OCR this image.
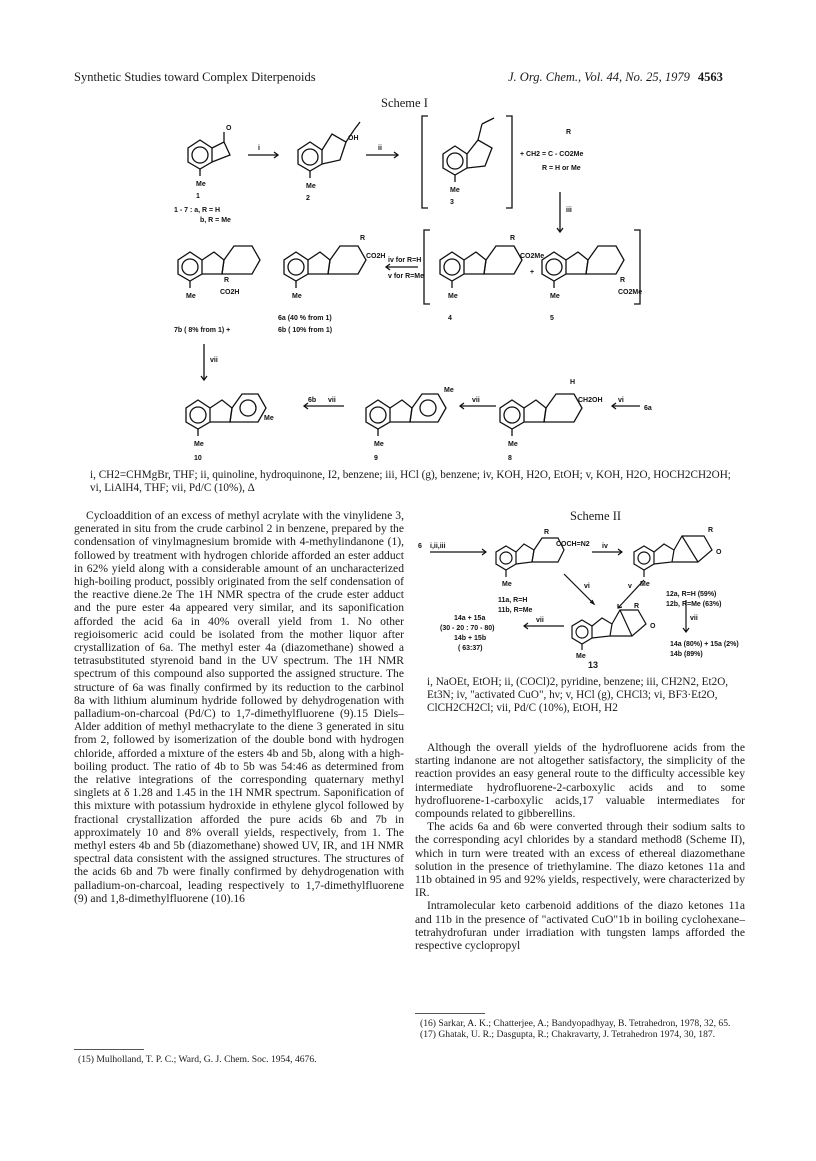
Synthetic Studies toward Complex Diterpenoids	J. Org. Chem., Vol. 44, No. 25, 1979 4563
Scheme I
Me
O
1
1 - 7 : a, R = H
b, R = Me
i
Me
OH
2
ii
Me
3
R
+ CH2 = C - CO2Me
R = H or Me
iii
R
CO2H
Me
R
CO2H
Me
iv for R=H
v for R=Me
R
CO2Me
Me
+
R
CO2Me
Me
6a (40 % from 1)
6b ( 10% from 1)
7b ( 8% from 1) +
4	5
vii
Me
Me
10
6b vii
Me
Me
9
vii
H
CH2OH
Me
8
vi
6a
i, CH2=CHMgBr, THF; ii, quinoline, hydroquinone, I2, benzene; iii, HCl (g), benzene; iv, KOH, H2O, EtOH; v, KOH, H2O, HOCH2CH2OH; vi, LiAlH4, THF; vii, Pd/C (10%), Δ

Cycloaddition of an excess of methyl acrylate with the vinylidene 3, generated in situ from the crude carbinol 2 in benzene, prepared by the condensation of vinylmagnesium bromide with 4-methylindanone (1), followed by treatment with hydrogen chloride afforded an ester adduct in 62% yield along with a considerable amount of an uncharacterized high-boiling product, possibly originated from the self condensation of the reactive diene.2e The 1H NMR spectra of the crude ester adduct and the pure ester 4a appeared very similar, and its saponification afforded the acid 6a in 40% overall yield from 1. No other regioisomeric acid could be isolated from the mother liquor after crystallization of 6a. The methyl ester 4a (diazomethane) showed a tetrasubstituted styrenoid band in the UV spectrum. The 1H NMR spectrum of this compound also supported the assigned structure. The structure of 6a was finally confirmed by its reduction to the carbinol 8a with lithium aluminum hydride followed by dehydrogenation with palladium-on-charcoal (Pd/C) to 1,7-dimethylfluorene (9).15 Diels–Alder addition of methyl methacrylate to the diene 3 generated in situ from 2, followed by isomerization of the double bond with hydrogen chloride, afforded a mixture of the esters 4b and 5b, along with a high-boiling product. The ratio of 4b to 5b was 54:46 as determined from the relative integrations of the corresponding quaternary methyl singlets at δ 1.28 and 1.45 in the 1H NMR spectrum. Saponification of this mixture with potassium hydroxide in ethylene glycol followed by fractional crystallization afforded the pure acids 6b and 7b in approximately 10 and 8% overall yields, respectively, from 1. The methyl esters 4b and 5b (diazomethane) showed UV, IR, and 1H NMR spectral data consistent with the assigned structures. The structures of the acids 6b and 7b were finally confirmed by dehydrogenation with palladium-on-charcoal, leading respectively to 1,7-dimethylfluorene (9) and 1,8-dimethylfluorene (10).16

(15) Mulholland, T. P. C.; Ward, G. J. Chem. Soc. 1954, 4676.
Scheme II
6 i,ii,iii
R
COCH=N2
Me
iv
R
O
Me
11a, R=H
11b, R=Me
vi	v
12a, R=H (59%)
12b, R=Me (63%)
14a + 15a
(30 - 20 : 70 - 80)
14b + 15b
( 63:37)
vii
R
O
Me
vii
14a (80%) + 15a (2%)
14b (89%)
13
i, NaOEt, EtOH; ii, (COCl)2, pyridine, benzene; iii, CH2N2, Et2O, Et3N; iv, "activated CuO", hν; v, HCl (g), CHCl3; vi, BF3·Et2O, ClCH2CH2Cl; vii, Pd/C (10%), EtOH, H2

Although the overall yields of the hydrofluorene acids from the starting indanone are not altogether satisfactory, the simplicity of the reaction provides an easy general route to the difficulty accessible key intermediate hydrofluorene-2-carboxylic acids and to some hydrofluorene-1-carboxylic acids,17 valuable intermediates for compounds related to gibberellins.

The acids 6a and 6b were converted through their sodium salts to the corresponding acyl chlorides by a standard method8 (Scheme II), which in turn were treated with an excess of ethereal diazomethane solution in the presence of triethylamine. The diazo ketones 11a and 11b obtained in 95 and 92% yields, respectively, were characterized by IR.

Intramolecular keto carbenoid additions of the diazo ketones 11a and 11b in the presence of "activated CuO"1b in boiling cyclohexane–tetrahydrofuran under irradiation with tungsten lamps afforded the respective cyclopropyl

(16) Sarkar, A. K.; Chatterjee, A.; Bandyopadhyay, B. Tetrahedron, 1978, 32, 65.
(17) Ghatak, U. R.; Dasgupta, R.; Chakravarty, J. Tetrahedron 1974, 30, 187.
